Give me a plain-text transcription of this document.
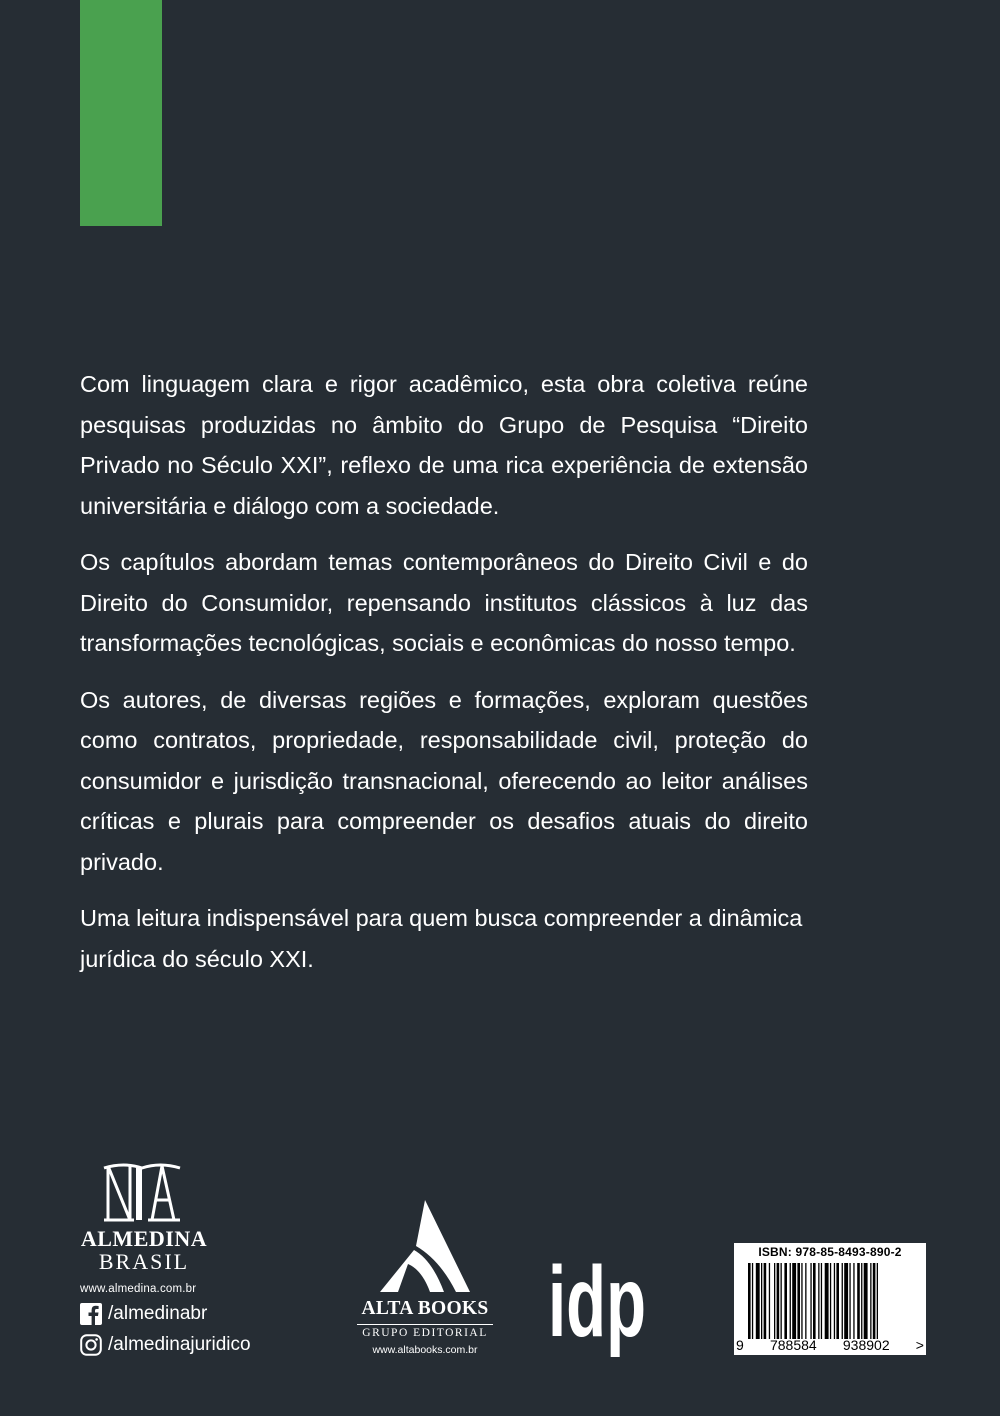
Com linguagem clara e rigor acadêmico, esta obra coletiva reúne pesquisas produzidas no âmbito do Grupo de Pesquisa “Direito Privado no Século XXI”, reflexo de uma rica experiência de extensão universitária e diálogo com a sociedade.

Os capítulos abordam temas contemporâneos do Direito Civil e do Direito do Consumidor, repensando institutos clássicos à luz das transformações tecnológicas, sociais e econômicas do nosso tempo.

Os autores, de diversas regiões e formações, exploram questões como contratos, propriedade, responsabilidade civil, proteção do consumidor e jurisdição transnacional, oferecendo ao leitor análises críticas e plurais para compreender os desafios atuais do direito privado.

Uma leitura indispensável para quem busca compreender a dinâmica jurídica do século XXI.

ALMEDINA
BRASIL
www.almedina.com.br
/almedinabr
/almedinajuridico
ALTA BOOKS
GRUPO EDITORIAL
www.altabooks.com.br idp	ISBN: 978-85-8493-890-2
9 788584 938902 >
